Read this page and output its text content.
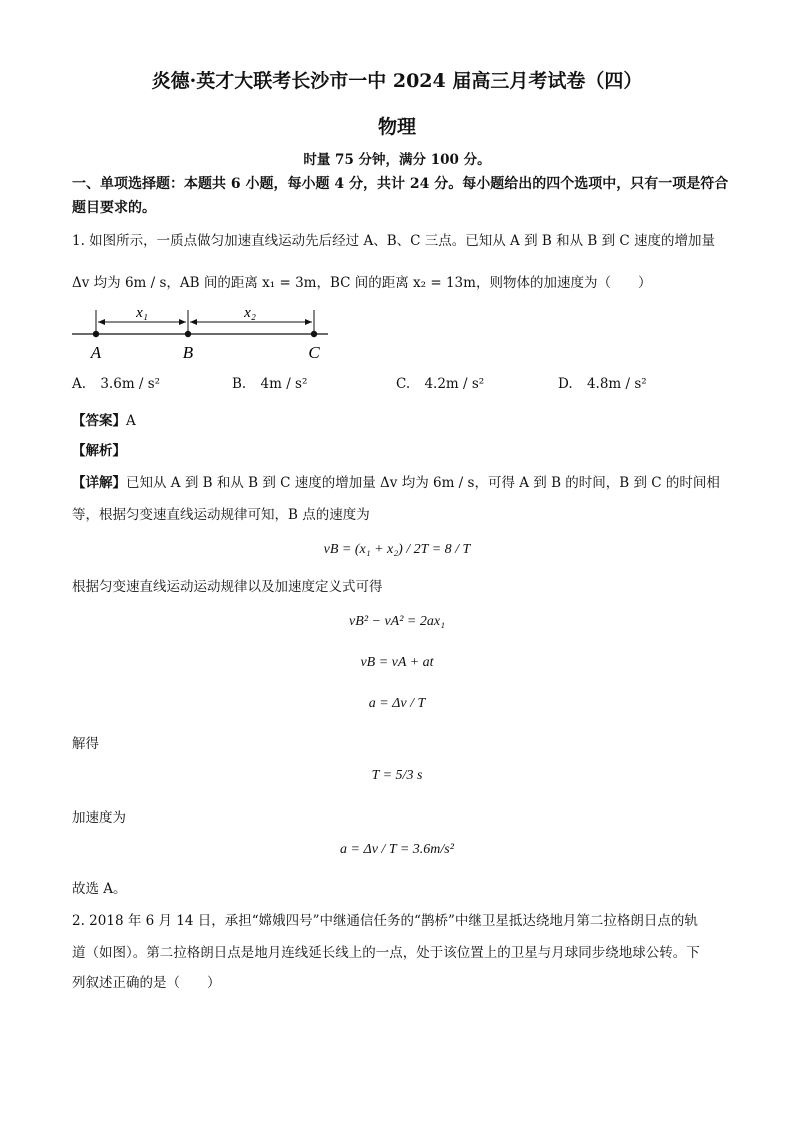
炎德·英才大联考长沙市一中 2024 届高三月考试卷（四）
物理
时量 75 分钟，满分 100 分。
一、单项选择题：本题共 6 小题，每小题 4 分，共计 24 分。每小题给出的四个选项中，只有一项是符合题目要求的。
1. 如图所示，一质点做匀加速直线运动先后经过 A、B、C 三点。已知从 A 到 B 和从 B 到 C 速度的增加量
Δv 均为 6m / s，AB 间的距离 x₁ = 3m，BC 间的距离 x₂ = 13m，则物体的加速度为（　　）
x₁	x₂
A	B	C
A. 3.6m / s²	B. 4m / s²	C. 4.2m / s²	D. 4.8m / s²
【答案】A
【解析】
【详解】已知从 A 到 B 和从 B 到 C 速度的增加量 Δv 均为 6m / s，可得 A 到 B 的时间，B 到 C 的时间相
等，根据匀变速直线运动规律可知，B 点的速度为
vB = (x₁ + x₂) / 2T = 8 / T
根据匀变速直线运动运动规律以及加速度定义式可得
vB² − vA² = 2ax₁
vB = vA + at
a = Δv / T
解得
T = 5/3 s
加速度为
a = Δv / T = 3.6m/s²
故选 A。
2. 2018 年 6 月 14 日，承担“嫦娥四号”中继通信任务的“鹊桥”中继卫星抵达绕地月第二拉格朗日点的轨
道（如图）。第二拉格朗日点是地月连线延长线上的一点，处于该位置上的卫星与月球同步绕地球公转。下
列叙述正确的是（　　）
